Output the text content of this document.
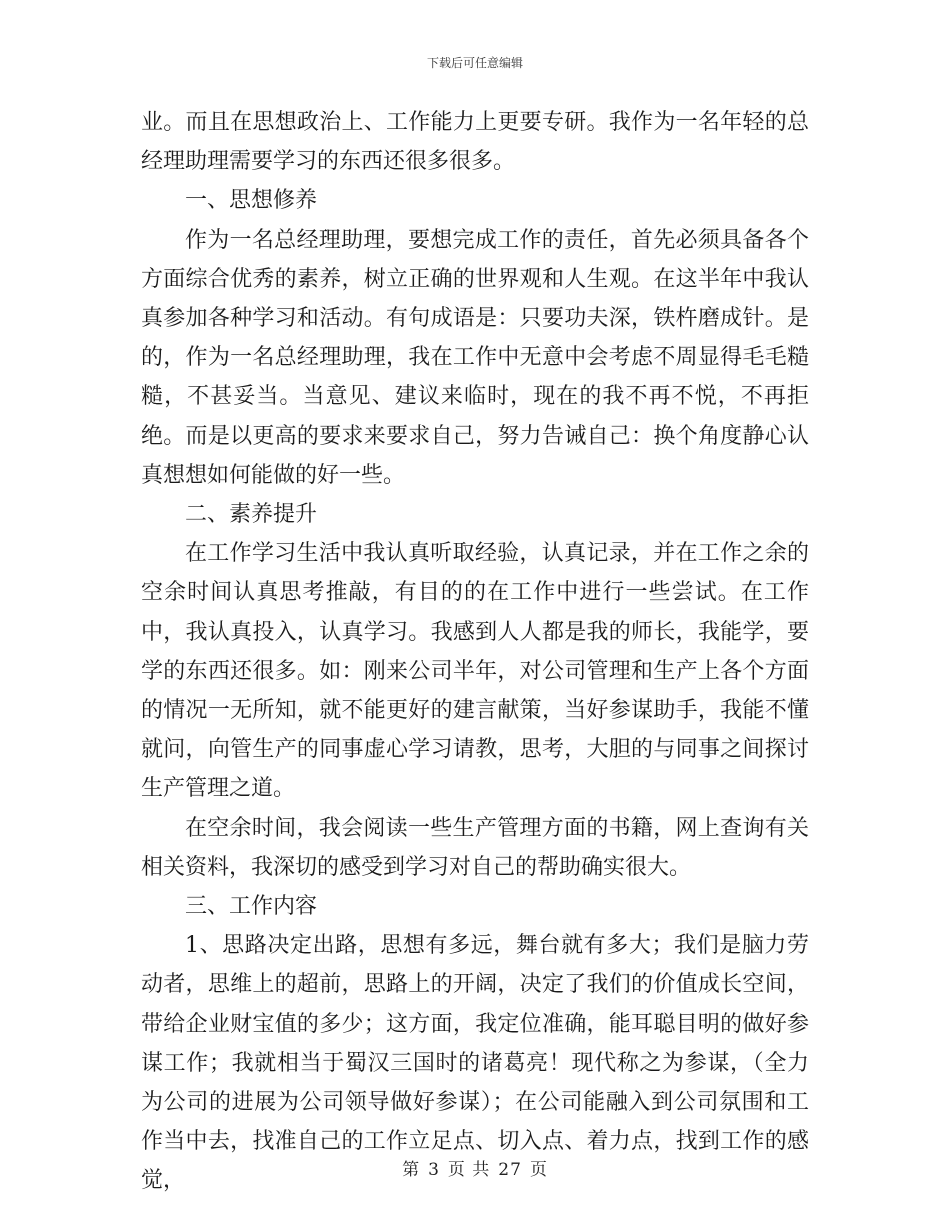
下载后可任意编辑

业。而且在思想政治上、工作能力上更要专研。我作为一名年轻的总经理助理需要学习的东西还很多很多。

一、思想修养

作为一名总经理助理，要想完成工作的责任，首先必须具备各个方面综合优秀的素养，树立正确的世界观和人生观。在这半年中我认真参加各种学习和活动。有句成语是：只要功夫深，铁杵磨成针。是的，作为一名总经理助理，我在工作中无意中会考虑不周显得毛毛糙糙，不甚妥当。当意见、建议来临时，现在的我不再不悦，不再拒绝。而是以更高的要求来要求自己，努力告诫自己：换个角度静心认真想想如何能做的好一些。

二、素养提升

在工作学习生活中我认真听取经验，认真记录，并在工作之余的空余时间认真思考推敲，有目的的在工作中进行一些尝试。在工作中，我认真投入，认真学习。我感到人人都是我的师长，我能学，要学的东西还很多。如：刚来公司半年，对公司管理和生产上各个方面的情况一无所知，就不能更好的建言献策，当好参谋助手，我能不懂就问，向管生产的同事虚心学习请教，思考，大胆的与同事之间探讨生产管理之道。

在空余时间，我会阅读一些生产管理方面的书籍，网上查询有关相关资料，我深切的感受到学习对自己的帮助确实很大。

三、工作内容

1、思路决定出路，思想有多远，舞台就有多大；我们是脑力劳动者，思维上的超前，思路上的开阔，决定了我们的价值成长空间，带给企业财宝值的多少；这方面，我定位准确，能耳聪目明的做好参谋工作；我就相当于蜀汉三国时的诸葛亮！现代称之为参谋，（全力为公司的进展为公司领导做好参谋）；在公司能融入到公司氛围和工作当中去，找准自己的工作立足点、切入点、着力点，找到工作的感觉，	第 3 页 共 27 页
